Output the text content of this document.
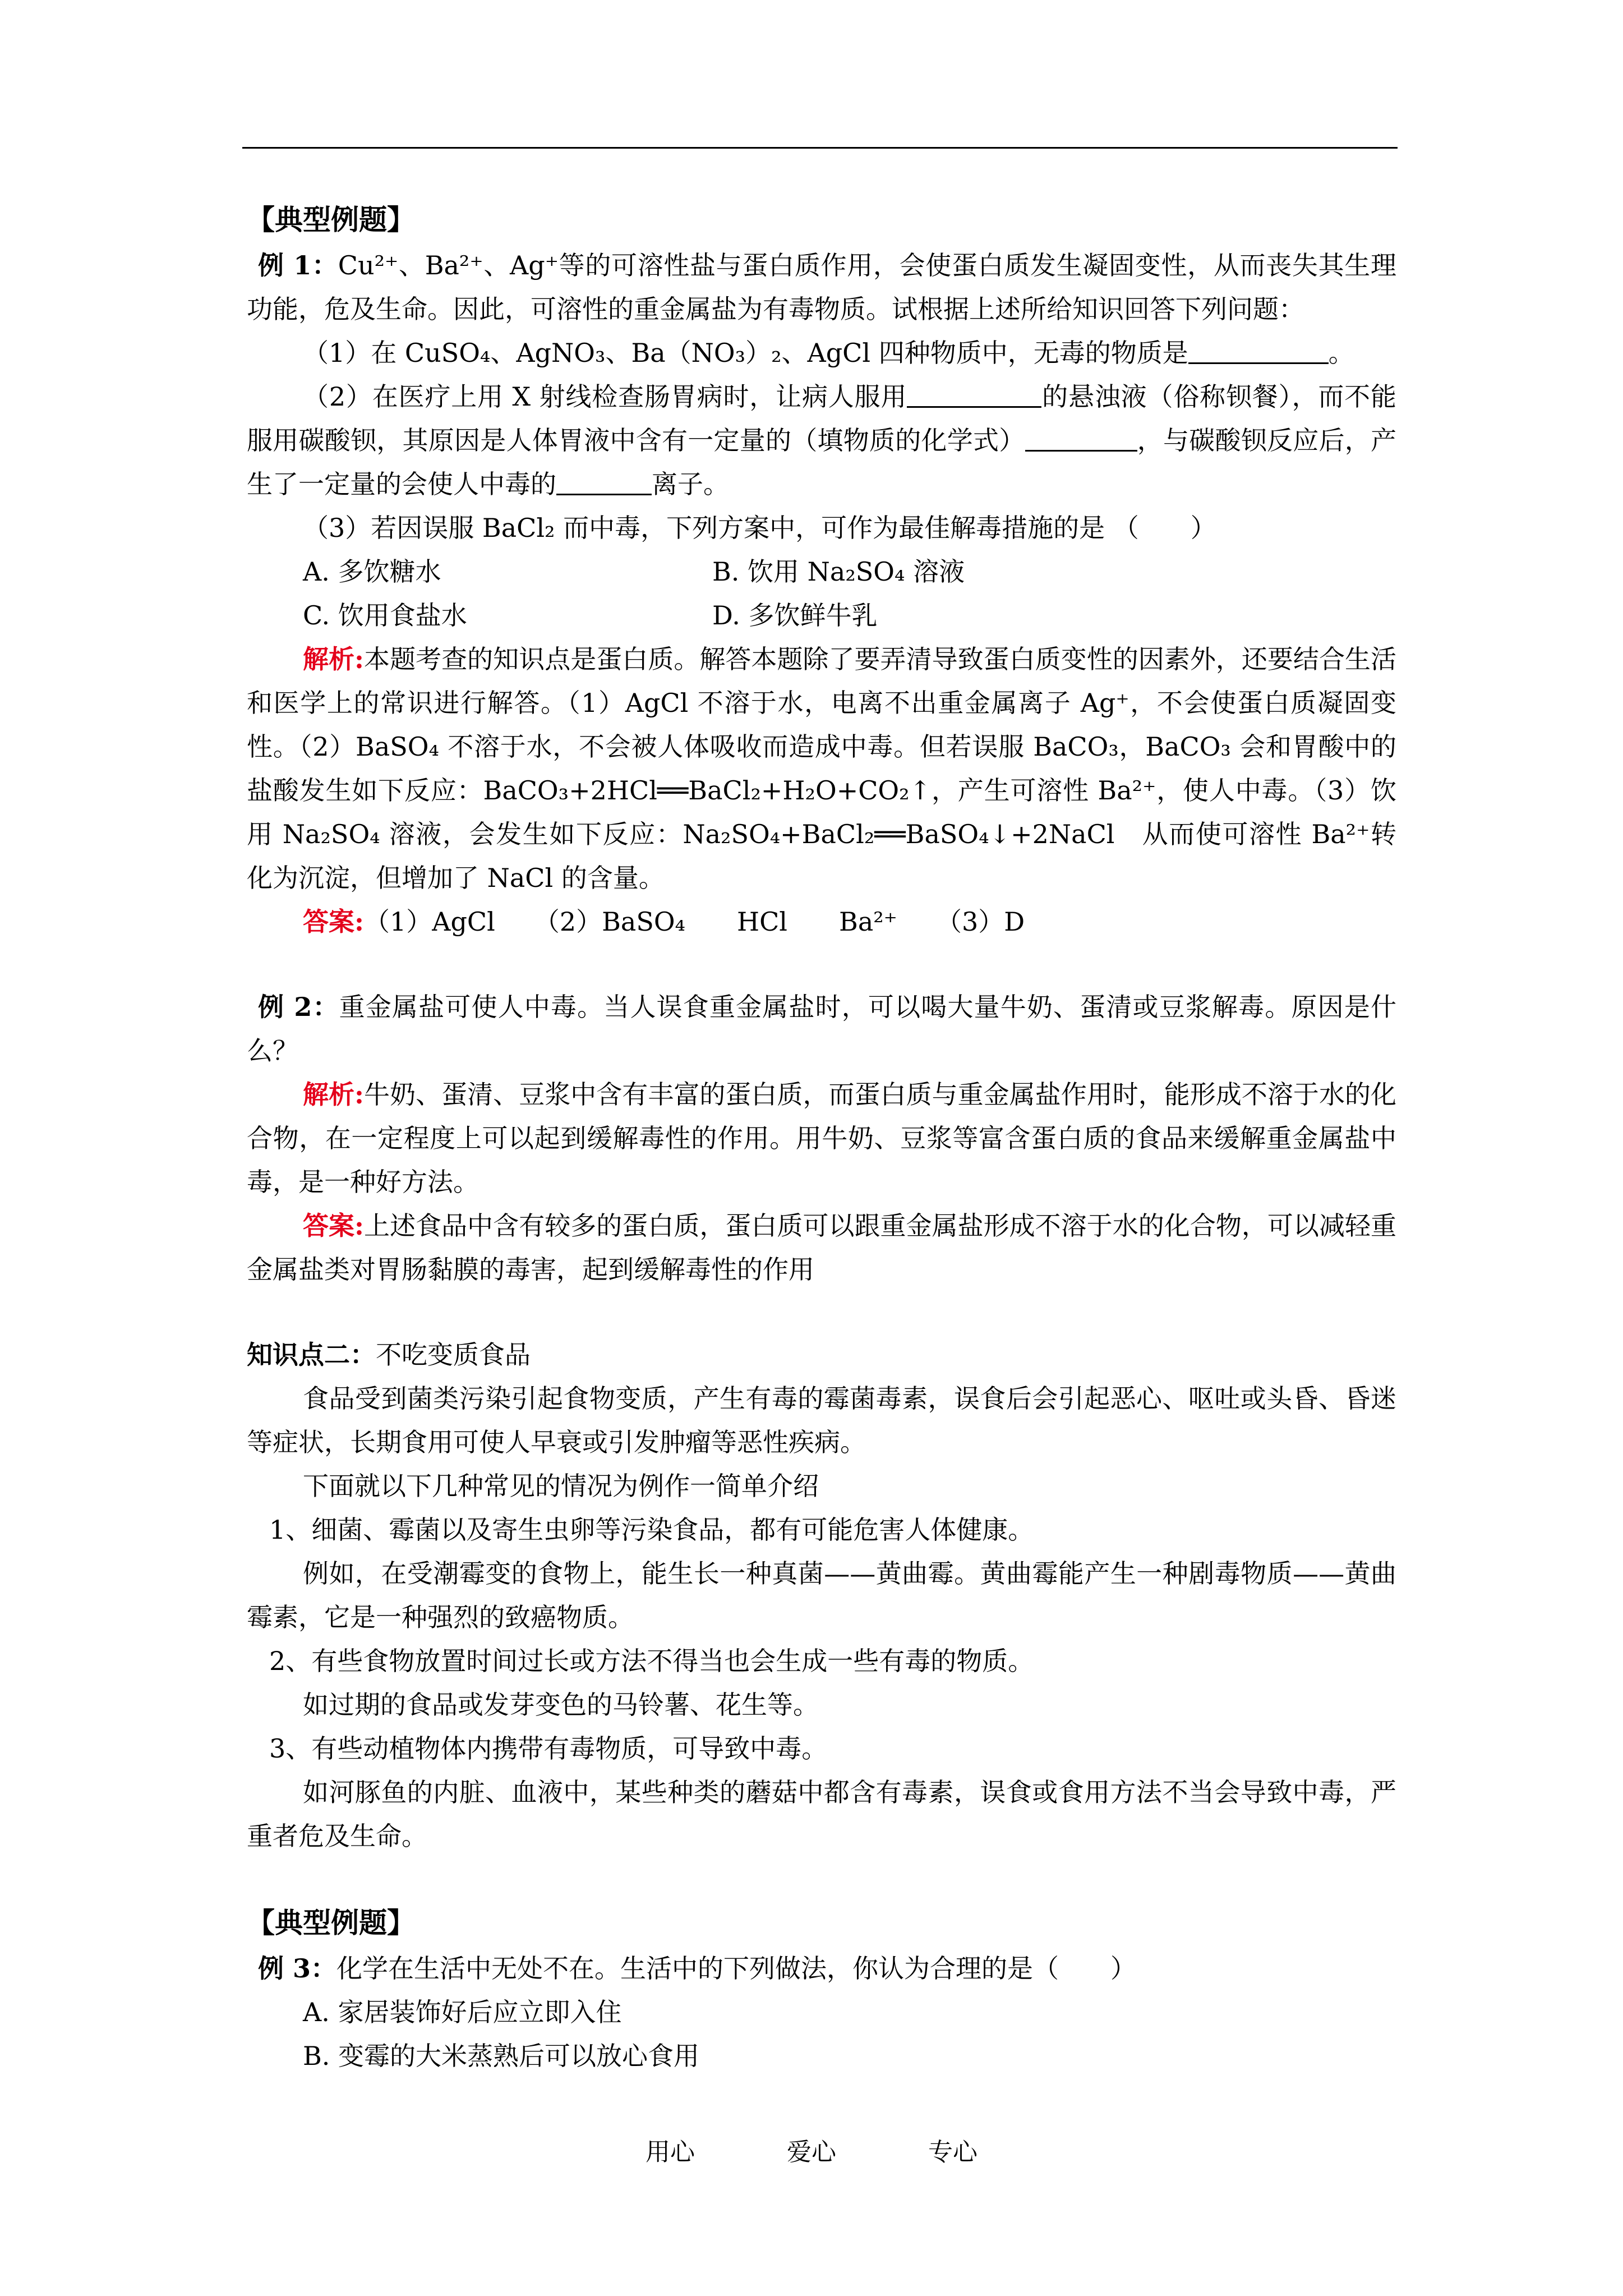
【典型例题】

例 1：Cu²⁺、Ba²⁺、Ag⁺等的可溶性盐与蛋白质作用，会使蛋白质发生凝固变性，从而丧失其生理功能，危及生命。因此，可溶性的重金属盐为有毒物质。试根据上述所给知识回答下列问题：

（1）在 CuSO₄、AgNO₃、Ba（NO₃）₂、AgCl 四种物质中，无毒的物质是	。

（2）在医疗上用 X 射线检查肠胃病时，让病人服用	的悬浊液（俗称钡餐），而不能服用碳酸钡，其原因是人体胃液中含有一定量的（填物质的化学式）	，与碳酸钡反应后，产生了一定量的会使人中毒的	离子。

（3）若因误服 BaCl₂ 而中毒，下列方案中，可作为最佳解毒措施的是 （　　）

A. 多饮糖水	B. 饮用 Na₂SO₄ 溶液
C. 饮用食盐水	D. 多饮鲜牛乳

解析:本题考查的知识点是蛋白质。解答本题除了要弄清导致蛋白质变性的因素外，还要结合生活和医学上的常识进行解答。（1）AgCl 不溶于水，电离不出重金属离子 Ag⁺，不会使蛋白质凝固变性。（2）BaSO₄ 不溶于水，不会被人体吸收而造成中毒。但若误服 BaCO₃，BaCO₃ 会和胃酸中的盐酸发生如下反应：BaCO₃+2HCl══BaCl₂+H₂O+CO₂↑，产生可溶性 Ba²⁺，使人中毒。（3）饮用 Na₂SO₄ 溶液，会发生如下反应：Na₂SO₄+BaCl₂══BaSO₄↓+2NaCl　从而使可溶性 Ba²⁺转化为沉淀，但增加了 NaCl 的含量。

答案:（1）AgCl　　（2）BaSO₄　　HCl　　Ba²⁺　　（3）D

例 2：重金属盐可使人中毒。当人误食重金属盐时，可以喝大量牛奶、蛋清或豆浆解毒。原因是什么？

解析:牛奶、蛋清、豆浆中含有丰富的蛋白质，而蛋白质与重金属盐作用时，能形成不溶于水的化合物，在一定程度上可以起到缓解毒性的作用。用牛奶、豆浆等富含蛋白质的食品来缓解重金属盐中毒，是一种好方法。

答案:上述食品中含有较多的蛋白质，蛋白质可以跟重金属盐形成不溶于水的化合物，可以减轻重金属盐类对胃肠黏膜的毒害，起到缓解毒性的作用

知识点二：不吃变质食品

食品受到菌类污染引起食物变质，产生有毒的霉菌毒素，误食后会引起恶心、呕吐或头昏、昏迷等症状，长期食用可使人早衰或引发肿瘤等恶性疾病。

下面就以下几种常见的情况为例作一简单介绍

1、细菌、霉菌以及寄生虫卵等污染食品，都有可能危害人体健康。

例如，在受潮霉变的食物上，能生长一种真菌——黄曲霉。黄曲霉能产生一种剧毒物质——黄曲霉素，它是一种强烈的致癌物质。

2、有些食物放置时间过长或方法不得当也会生成一些有毒的物质。

如过期的食品或发芽变色的马铃薯、花生等。

3、有些动植物体内携带有毒物质，可导致中毒。

如河豚鱼的内脏、血液中，某些种类的蘑菇中都含有毒素，误食或食用方法不当会导致中毒，严重者危及生命。

【典型例题】

例 3：化学在生活中无处不在。生活中的下列做法，你认为合理的是（　　）

A. 家居装饰好后应立即入住

B. 变霉的大米蒸熟后可以放心食用

用心	爱心	专心
